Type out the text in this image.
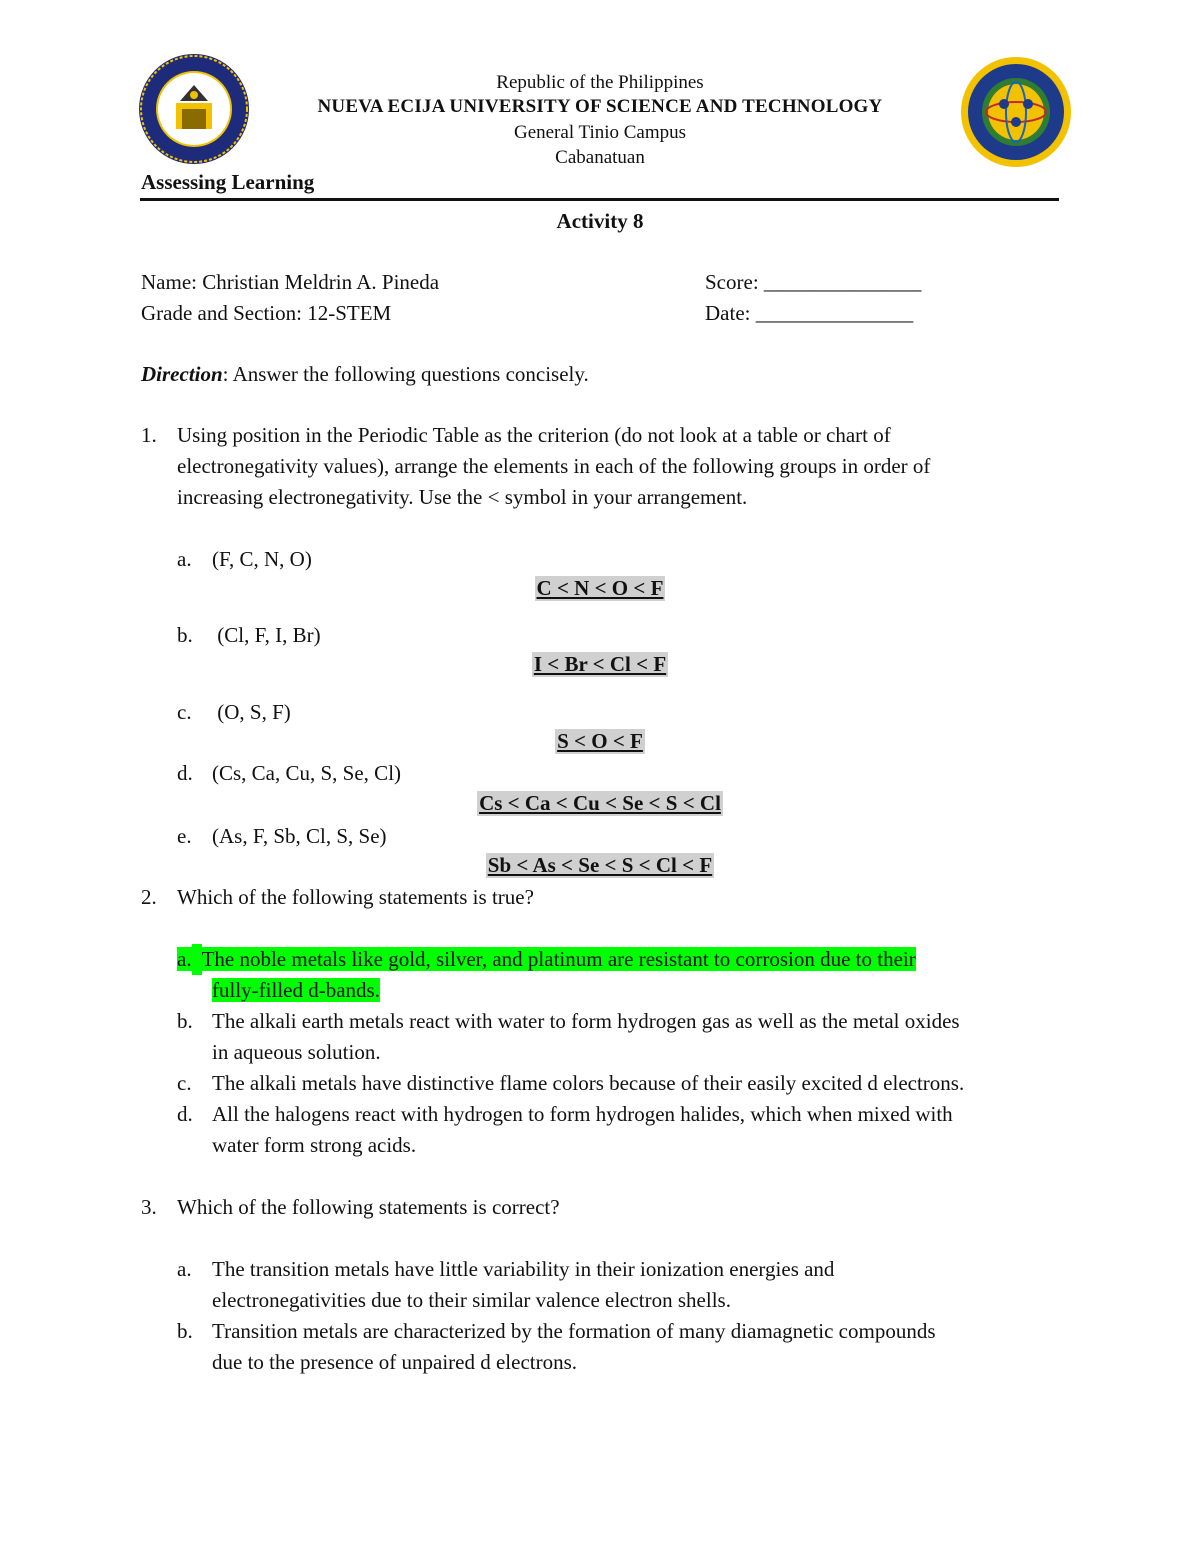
Republic of the Philippines
NUEVA ECIJA UNIVERSITY OF SCIENCE AND TECHNOLOGY
General Tinio Campus
Cabanatuan
Assessing Learning
Activity 8
Name: Christian Meldrin A. Pineda
Grade and Section: 12-STEM
Score: _______________
Date: _______________
Direction: Answer the following questions concisely.
1. Using position in the Periodic Table as the criterion (do not look at a table or chart of
electronegativity values), arrange the elements in each of the following groups in order of
increasing electronegativity. Use the < symbol in your arrangement.
a. (F, C, N, O)
C < N < O < F
b. (Cl, F, I, Br)
I < Br < Cl < F
c. (O, S, F)
S < O < F
d. (Cs, Ca, Cu, S, Se, Cl)
Cs < Ca < Cu < Se < S < Cl
e. (As, F, Sb, Cl, S, Se)
Sb < As < Se < S < Cl < F
2. Which of the following statements is true?
a. The noble metals like gold, silver, and platinum are resistant to corrosion due to their
fully-filled d-bands.
b. The alkali earth metals react with water to form hydrogen gas as well as the metal oxides
in aqueous solution.
c. The alkali metals have distinctive flame colors because of their easily excited d electrons.
d. All the halogens react with hydrogen to form hydrogen halides, which when mixed with
water form strong acids.
3. Which of the following statements is correct?
a. The transition metals have little variability in their ionization energies and
electronegativities due to their similar valence electron shells.
b. Transition metals are characterized by the formation of many diamagnetic compounds
due to the presence of unpaired d electrons.
